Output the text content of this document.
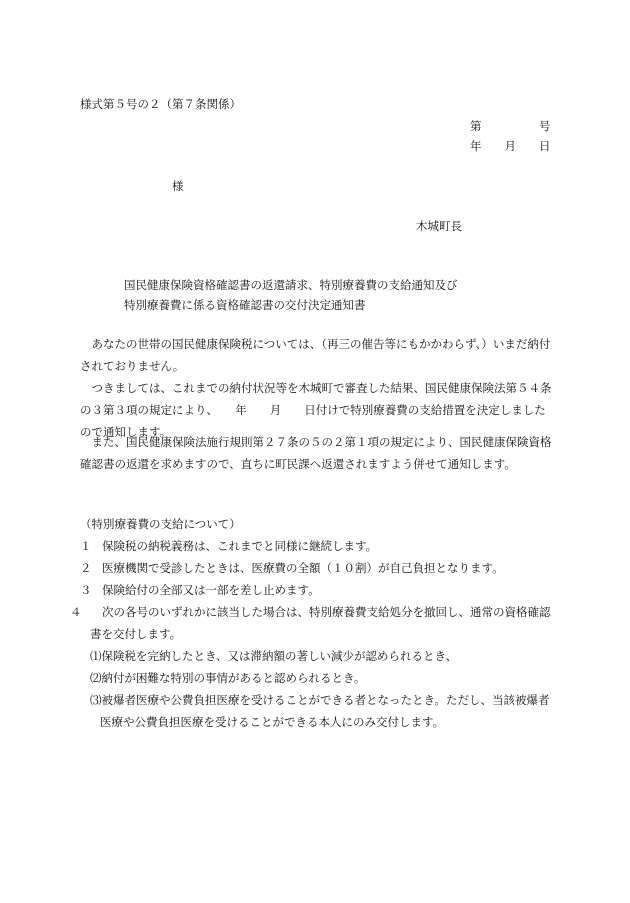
様式第５号の２（第７条関係）

第　　　　　号

年　　月　　日

様

木城町長

国民健康保険資格確認書の返還請求、特別療養費の支給通知及び

特別療養費に係る資格確認書の交付決定通知書

　あなたの世帯の国民健康保険税については、（再三の催告等にもかかわらず、）いまだ納付されておりません。

　つきましては、これまでの納付状況等を木城町で審査した結果、国民健康保険法第５４条の３第３項の規定により、　　年　　月　　日付けで特別療養費の支給措置を決定しましたので通知します。

　また、国民健康保険法施行規則第２７条の５の２第１項の規定により、国民健康保険資格確認書の返還を求めますので、直ちに町民課へ返還されますよう併せて通知します。

（特別療養費の支給について）
１ 保険税の納税義務は、これまでと同様に継続します。
２ 医療機関で受診したときは、医療費の全額（１０割）が自己負担となります。
３ 保険給付の全部又は一部を差し止めます。
４ 次の各号のいずれかに該当した場合は、特別療養費支給処分を撤回し、通常の資格確認書を交付します。
⑴保険税を完納したとき、又は滞納額の著しい減少が認められるとき、
⑵納付が困難な特別の事情があると認められるとき。
⑶被爆者医療や公費負担医療を受けることができる者となったとき。ただし、当該被爆者医療や公費負担医療を受けることができる本人にのみ交付します。
